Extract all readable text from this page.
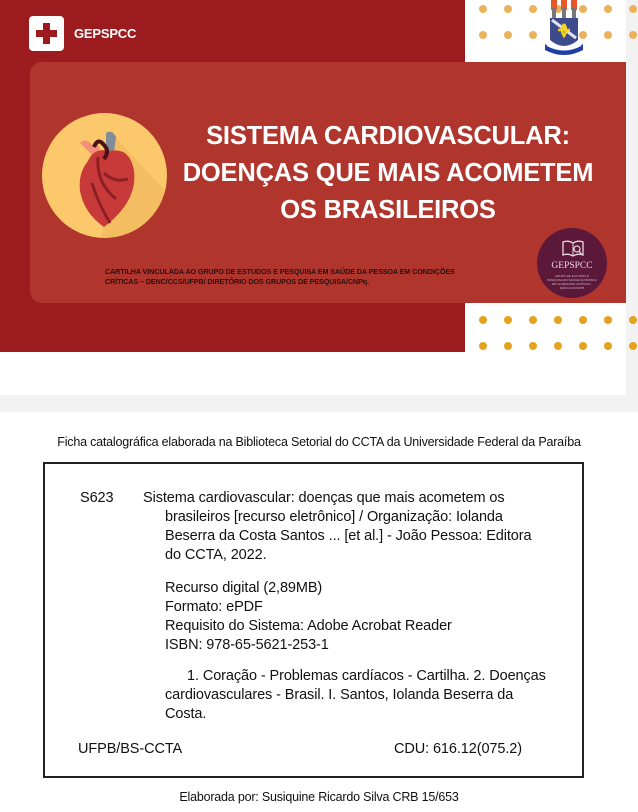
GEPSPCC
SISTEMA CARDIOVASCULAR:
DOENÇAS QUE MAIS ACOMETEM
OS BRASILEIROS
CARTILHA VINCULADA AO GRUPO DE ESTUDOS E PESQUISA EM SAÚDE DA PESSOA EM CONDIÇÕES
CRÍTICAS – DENC/CCS/UFPB/ DIRETÓRIO DOS GRUPOS DE PESQUISA/CNPq.
GEPSPCC
GRUPO DE ESTUDOS E PESQUISA EM SAÚDE DA PESSOA EM CONDIÇÕES CRÍTICAS - DENC/CCS/UFPB
Ficha catalográfica elaborada na Biblioteca Setorial do CCTA da Universidade Federal da Paraíba
S623 Sistema cardiovascular: doenças que mais acometem os
brasileiros [recurso eletrônico] / Organização: Iolanda
Beserra da Costa Santos ... [et al.] - João Pessoa: Editora
do CCTA, 2022.
Recurso digital (2,89MB)
Formato: ePDF
Requisito do Sistema: Adobe Acrobat Reader
ISBN: 978-65-5621-253-1
1. Coração - Problemas cardíacos - Cartilha. 2. Doenças
cardiovasculares - Brasil. I. Santos, Iolanda Beserra da
Costa.
UFPB/BS-CCTA	CDU: 616.12(075.2)
Elaborada por: Susiquine Ricardo Silva CRB 15/653
